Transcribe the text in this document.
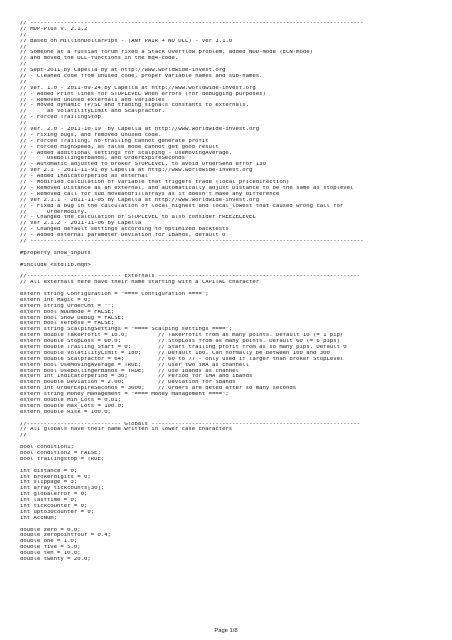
// ---------------------------------------------------------------------------------------------------
// MDP-Plus v. 2.1.2
//
// Based on MillionDollarPips - (ANY PAIR + NO DLL) - ver 1.1.0
//
// Someone at a russian forum fixed a Stack Overflow problem, added NDD-mode (ECN-mode)
// and moved the DLL-functions in the mq4-code.
//
// Sept-2011 by Capella by at http://www.worldwide-invest.org
// - Cleaned code from unused code, proper variable names and sub-names.
//
// Ver. 1.0 - 2011-09-24 by Capella at http://www.worldwide-invest.org
// - Added Print lines for STOPLEVEL when errors (for debugging purposes)
// - Removed unused externals and variables
// - Moved dynamic TP/SL and trading signals constants to externals,
//      as VolatilityLimit and Scalpfactor.
// - Forced TrailingStop
//
// Ver. 2.0 - 2011-10-19  by Capella at http://www.worldwide-invest.org
// - Fixing bugs, and removed unused code.
// - Forced Trailing, no-trailing cannot generate profit
// - Forced HighSpeed, as false mode cannot get good result
// - Added additional settings for scalping - UseMovingAverage,
//      UseBollingerBands, and OrderExpireSeconds
// - Automatic adjusted to broker STOPLEVEL, to avoid OrderSend error 130
// Ver 2.1 - 2011-11-91 by Capella at http://www.worldwide-invest.org
// - Added Indicatorperiod as external
// - Modified calculation of variable that triggers trade (local_pricedirection)
// - Removed Distance as an external, and automatically adjust Distance to be the same as stoplevel
// - Removed call for sub moveandfillarrays as it doesn't make any difference
// Ver 2.1.1 - 2011-11-05 by Capella at http://www.worldwide-invest.org
// - Fixed a bug in the calculation of local_highest and local_lowest that caused wrong call for
//      OrderModify.
// - Changed the calculation of STOPLEVEL to also consider FREEZELEVEL
// Ver 2.1.2 - 2011-11-06 by Capella
// - Changed default settings according to optimized backtests
// - Added external parameter Deviation for IBands, default 0
// ---------------------------------------------------------------------------------------------------
#property show_inputs
#include <stdlib.mqh>
//---------------------------- Externals ------------------------------------------------------------
// All externals here have their name starting with a CAPITAL character
extern string Configuration = "==== Configuration ====";
extern int Magic = 0;
extern string OrderCmt = "";
extern bool NDDmode = FALSE;
extern bool Show_Debug = FALSE;
extern bool Verbose = FALSE;
extern string ScalpingSettings = "==== Scalping settings ====";
extern double TakeProfit = 10.0;         // TakeProfit from as many points. Default 10 (= 1 pip)
extern double StopLoss = 60.0;           // StopLoss from as many points. Default 60 (= 6 pips)
extern double Trailing_Start = 0;        // Start trailing profit from as so many pips. Default 0
extern double VolatilityLimit = 180;     // Default 180. Can normally be between 100 and 300
extern double Scalpfactor = 64;          // 60 to 77 - only used if larger than broker StopLevel
extern bool UseMovingAverage = TRUE;     // User two iMA as channell
extern bool UseBollingerBands = TRUE;    // Use iBands as channel
extern int Indicatorperiod = 30;         // Period for iMA and iBands
extern double Deviation = 2.00;          // Deviation for iBands
extern int OrderExpireSeconds = 3600;    // Orders are deted after so many seconds
extern string Money_Management = "==== Money Management ====";
extern double Min_Lots = 0.01;
extern double Max_Lots = 100.0;
extern double Risk = 100.0;
//---------------------------- Globals --------------------------------------------------------------
// All globals have their name written in lower case characters
//
bool condition1;
bool condition2 = FALSE;
bool trailingstop = TRUE;
int distance = 0;
int brokerdigits = 0;
int slippage = 3;
int array_tickcounts[30];
int globalerror = 0;
int lasttime = 0;
int tickcounter = 0;
int upto30counter = 0;
int AccNum;
double zero = 0.0;
double zeropointfour = 0.4;
double one = 1.0;
double five = 5.0;
double ten = 10.0;
double twenty = 20.0;
Page 1/8
